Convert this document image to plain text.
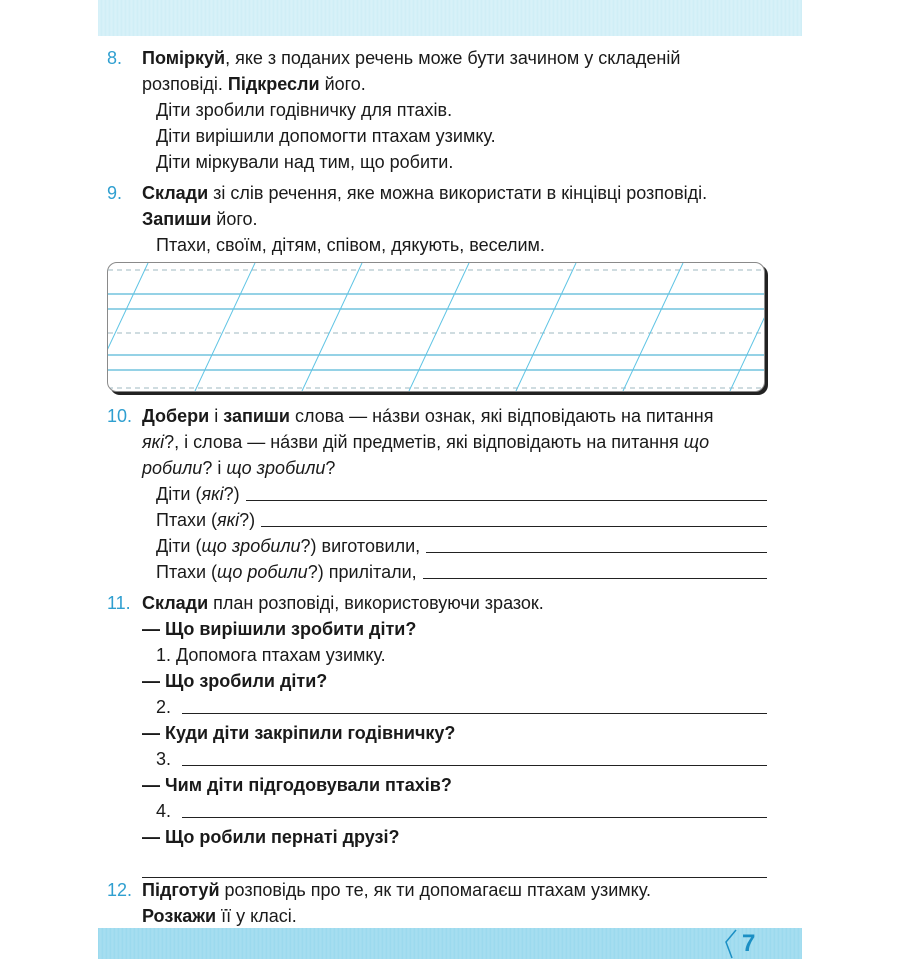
8. Поміркуй, яке з поданих речень може бути зачином у складеній
розповіді. Підкресли його.
Діти зробили годівничку для птахів.
Діти вирішили допомогти птахам узимку.
Діти міркували над тим, що робити.
9. Склади зі слів речення, яке можна використати в кінцівці розповіді.
Запиши його.
Птахи, своїм, дітям, співом, дякують, веселим.
10. Добери і запиши слова — нáзви ознак, які відповідають на питання
які?, і слова — нáзви дій предметів, які відповідають на питання що
робили? і що зробили?
Діти ( які ?)
Птахи ( які ?)
Діти ( що зробили ?) виготовили,
Птахи ( що робили ?) прилітали,
11. Склади план розповіді, використовуючи зразок.
— Що вирішили зробити діти?
1. Допомога птахам узимку.
— Що зробили діти?
2.
— Куди діти закріпили годівничку?
3.
— Чим діти підгодовували птахів?
4.
— Що робили пернаті друзі?
12. Підготуй розповідь про те, як ти допомагаєш птахам узимку.
Розкажи її у класі.
7
